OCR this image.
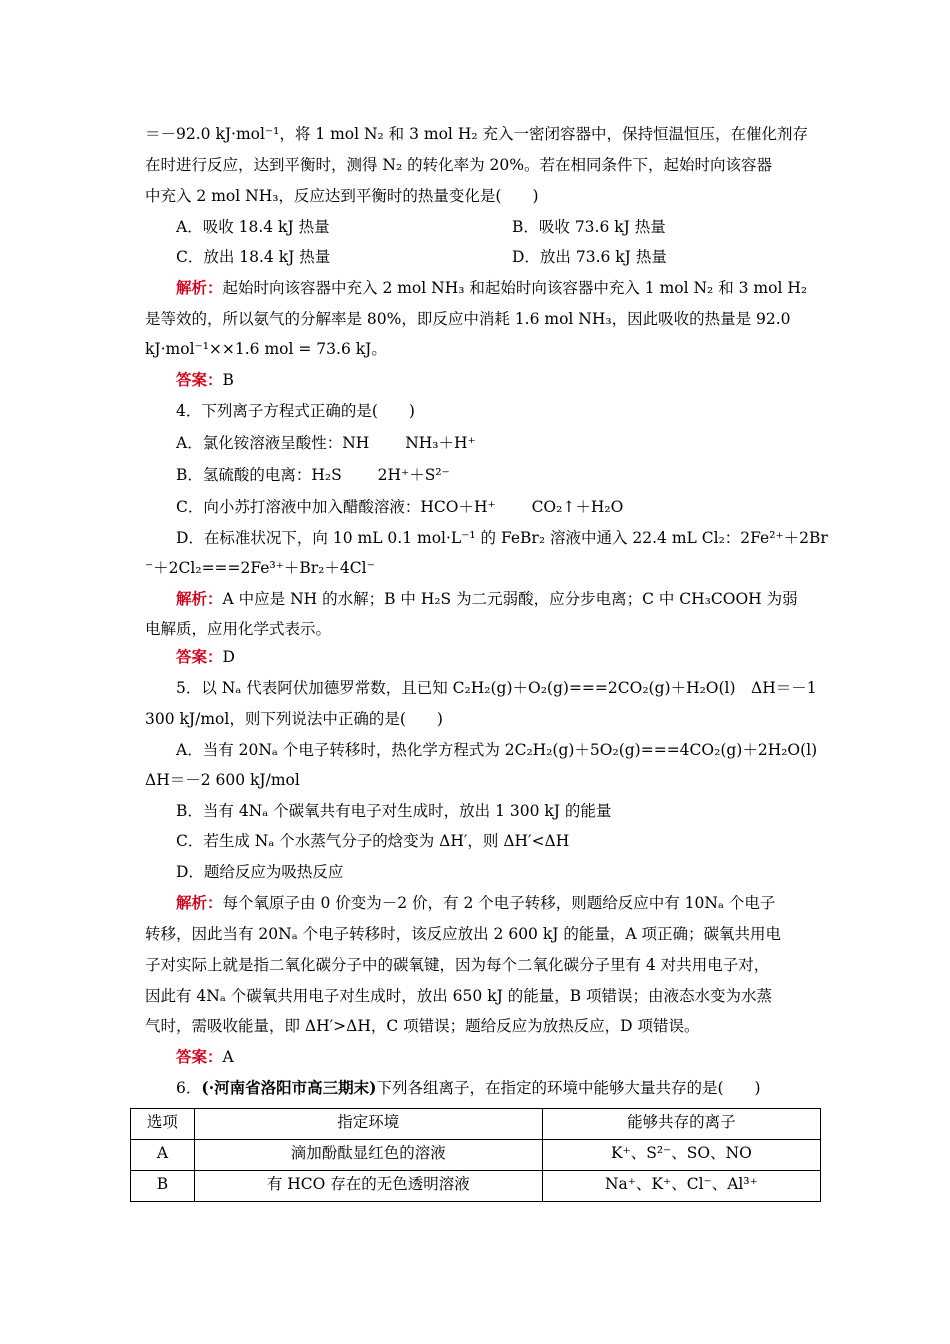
＝－92.0 kJ·mol⁻¹，将 1 mol N₂ 和 3 mol H₂ 充入一密闭容器中，保持恒温恒压，在催化剂存
在时进行反应，达到平衡时，测得 N₂ 的转化率为 20%。若在相同条件下，起始时向该容器
中充入 2 mol NH₃，反应达到平衡时的热量变化是(　　)
A．吸收 18.4 kJ 热量	B．吸收 73.6 kJ 热量
C．放出 18.4 kJ 热量	D．放出 73.6 kJ 热量
解析：起始时向该容器中充入 2 mol NH₃ 和起始时向该容器中充入 1 mol N₂ 和 3 mol H₂
是等效的，所以氨气的分解率是 80%，即反应中消耗 1.6 mol NH₃，因此吸收的热量是 92.0
kJ·mol⁻¹××1.6 mol = 73.6 kJ。
答案：B
4．下列离子方程式正确的是(　　)
A．氯化铵溶液呈酸性：NH　　 NH₃＋H⁺
B．氢硫酸的电离：H₂S　　 2H⁺＋S²⁻
C．向小苏打溶液中加入醋酸溶液：HCO＋H⁺　　 CO₂↑＋H₂O
D．在标准状况下，向 10 mL 0.1 mol·L⁻¹ 的 FeBr₂ 溶液中通入 22.4 mL Cl₂：2Fe²⁺＋2Br
⁻＋2Cl₂===2Fe³⁺＋Br₂＋4Cl⁻
解析：A 中应是 NH 的水解；B 中 H₂S 为二元弱酸，应分步电离；C 中 CH₃COOH 为弱
电解质，应用化学式表示。
答案：D
5．以 Nₐ 代表阿伏加德罗常数，且已知 C₂H₂(g)＋O₂(g)===2CO₂(g)＋H₂O(l)　ΔH＝－1
300 kJ/mol，则下列说法中正确的是(　　)
A．当有 20Nₐ 个电子转移时，热化学方程式为 2C₂H₂(g)＋5O₂(g)===4CO₂(g)＋2H₂O(l)
ΔH＝－2 600 kJ/mol
B．当有 4Nₐ 个碳氧共有电子对生成时，放出 1 300 kJ 的能量
C．若生成 Nₐ 个水蒸气分子的焓变为 ΔH′，则 ΔH′<ΔH
D．题给反应为吸热反应
解析：每个氧原子由 0 价变为－2 价，有 2 个电子转移，则题给反应中有 10Nₐ 个电子
转移，因此当有 20Nₐ 个电子转移时，该反应放出 2 600 kJ 的能量，A 项正确；碳氧共用电
子对实际上就是指二氧化碳分子中的碳氧键，因为每个二氧化碳分子里有 4 对共用电子对，
因此有 4Nₐ 个碳氧共用电子对生成时，放出 650 kJ 的能量，B 项错误；由液态水变为水蒸
气时，需吸收能量，即 ΔH′>ΔH，C 项错误；题给反应为放热反应，D 项错误。
答案：A
6．(·河南省洛阳市高三期末)下列各组离子，在指定的环境中能够大量共存的是(　　)
选项	指定环境	能够共存的离子
A	滴加酚酞显红色的溶液	K⁺、S²⁻、SO、NO
B	有 HCO 存在的无色透明溶液	Na⁺、K⁺、Cl⁻、Al³⁺
